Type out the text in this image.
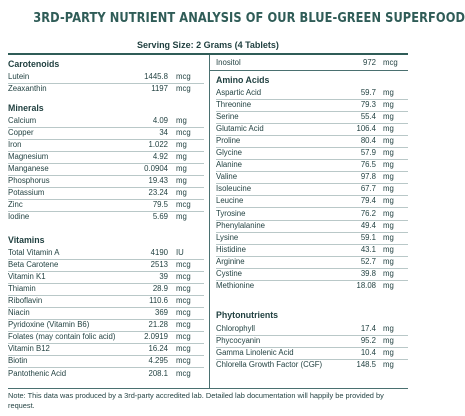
3RD-PARTY NUTRIENT ANALYSIS OF OUR BLUE-GREEN SUPERFOOD
Serving Size: 2 Grams (4 Tablets)
Carotenoids
Lutein	1445.8 mcg
Zeaxanthin	1197 mcg
Minerals
Calcium	4.09 mg
Copper	34 mcg
Iron	1.022 mg
Magnesium	4.92 mg
Manganese	0.0904 mg
Phosphorus	19.43 mg
Potassium	23.24 mg
Zinc	79.5 mcg
Iodine	5.69 mg
Vitamins
Total Vitamin A	4190 IU
Beta Carotene	2513 mcg
Vitamin K1	39 mcg
Thiamin	28.9 mcg
Riboflavin	110.6 mcg
Niacin	369 mcg
Pyridoxine (Vitamin B6)	21.28 mcg
Folates (may contain folic acid)	2.0919 mcg
Vitamin B12	16.24 mcg
Biotin	4.295 mcg
Pantothenic Acid	208.1 mcg
Inositol	972 mcg
Amino Acids
Aspartic Acid	59.7 mg
Threonine	79.3 mg
Serine	55.4 mg
Glutamic Acid	106.4 mg
Proline	80.4 mg
Glycine	57.9 mg
Alanine	76.5 mg
Valine	97.8 mg
Isoleucine	67.7 mg
Leucine	79.4 mg
Tyrosine	76.2 mg
Phenylalanine	49.4 mg
Lysine	59.1 mg
Histidine	43.1 mg
Arginine	52.7 mg
Cystine	39.8 mg
Methionine	18.08 mg
Phytonutrients
Chlorophyll	17.4 mg
Phycocyanin	95.2 mg
Gamma Linolenic Acid	10.4 mg
Chlorella Growth Factor (CGF)	148.5 mg
Note: This data was produced by a 3rd-party accredited lab. Detailed lab documentation will happily be provided by request.
